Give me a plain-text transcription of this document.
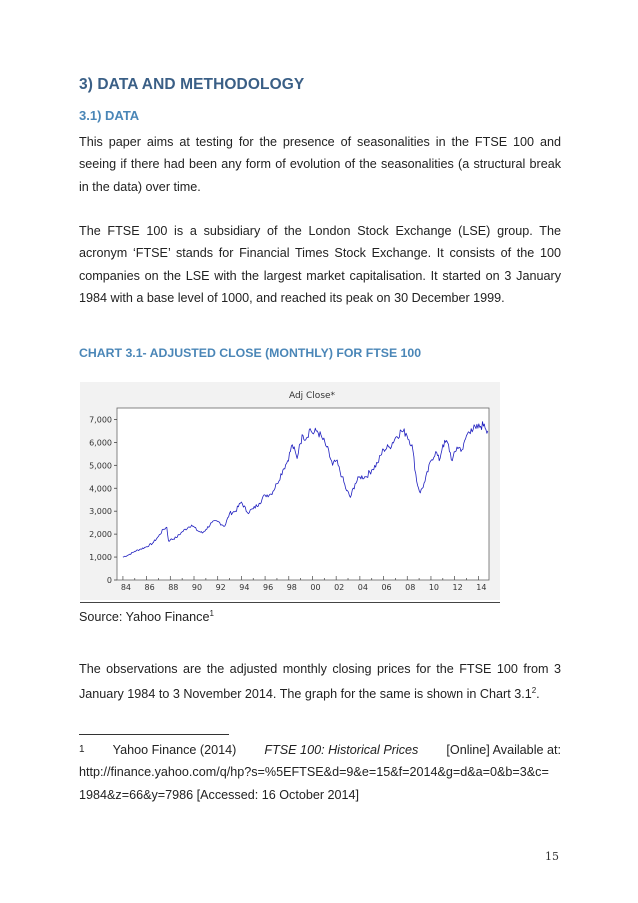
3) DATA AND METHODOLOGY
3.1) DATA

This paper aims at testing for the presence of seasonalities in the FTSE 100 and seeing if there had been any form of evolution of the seasonalities (a structural break in the data) over time.

The FTSE 100 is a subsidiary of the London Stock Exchange (LSE) group. The acronym ‘FTSE’ stands for Financial Times Stock Exchange. It consists of the 100 companies on the LSE with the largest market capitalisation. It started on 3 January 1984 with a base level of 1000, and reached its peak on 30 December 1999.

CHART 3.1- ADJUSTED CLOSE (MONTHLY) FOR FTSE 100
Adj Close*
0
1,000
2,000
3,000
4,000
5,000
6,000
7,000
84 86 88 90 92 94 96 98 00 02 04 06 08 10 12 14
Source: Yahoo Finance$^1$

The observations are the adjusted monthly closing prices for the FTSE 100 from 3 January 1984 to 3 November 2014. The graph for the same is shown in Chart $3.1^2$.

1 Yahoo Finance (2014) FTSE 100: Historical Prices [Online] Available at:
http://finance.yahoo.com/q/hp?s=%5EFTSE&d=9&e=15&f=2014&g=d&a=0&b=3&c=
1984&z=66&y=7986 [Accessed: 16 October 2014]
15
